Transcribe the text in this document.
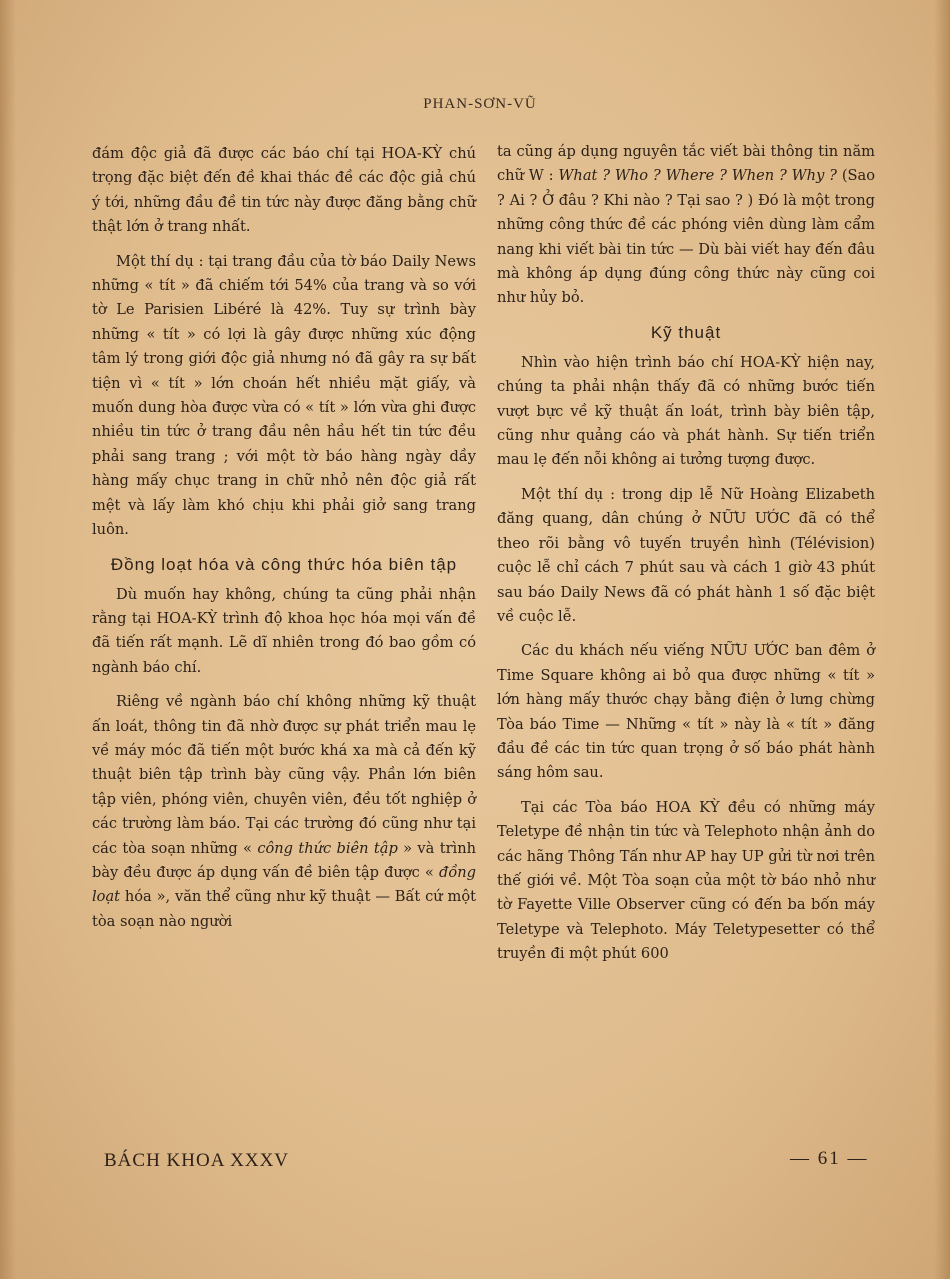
PHAN-SƠN-VŨ

đám độc giả đã được các báo chí tại HOA-KỲ chú trọng đặc biệt đến đề khai thác đề các độc giả chú ý tới, những đầu đề tin tức này được đăng bằng chữ thật lớn ở trang nhất.

Một thí dụ : tại trang đầu của tờ báo Daily News những « tít » đã chiếm tới 54% của trang và so với tờ Le Parisien Libéré là 42%. Tuy sự trình bày những « tít » có lợi là gây được những xúc động tâm lý trong giới độc giả nhưng nó đã gây ra sự bất tiện vì « tít » lớn choán hết nhiều mặt giấy, và muốn dung hòa được vừa có « tít » lớn vừa ghi được nhiều tin tức ở trang đầu nên hầu hết tin tức đều phải sang trang ; với một tờ báo hàng ngày dầy hàng mấy chục trang in chữ nhỏ nên độc giả rất mệt và lấy làm khó chịu khi phải giở sang trang luôn.

Đồng loạt hóa và công thức hóa biên tập

Dù muốn hay không, chúng ta cũng phải nhận rằng tại HOA-KỲ trình độ khoa học hóa mọi vấn đề đã tiến rất mạnh. Lẽ dĩ nhiên trong đó bao gồm có ngành báo chí.

Riêng về ngành báo chí không những kỹ thuật ấn loát, thông tin đã nhờ được sự phát triển mau lẹ về máy móc đã tiến một bước khá xa mà cả đến kỹ thuật biên tập trình bày cũng vậy. Phần lớn biên tập viên, phóng viên, chuyên viên, đều tốt nghiệp ở các trường làm báo. Tại các trường đó cũng như tại các tòa soạn những « công thức biên tập » và trình bày đều được áp dụng vấn đề biên tập được « đồng loạt hóa », văn thể cũng như kỹ thuật — Bất cứ một tòa soạn nào người

ta cũng áp dụng nguyên tắc viết bài thông tin năm chữ W : What ? Who ? Where ? When ? Why ? (Sao ? Ai ? Ở đâu ? Khi nào ? Tại sao ? ) Đó là một trong những công thức đề các phóng viên dùng làm cẩm nang khi viết bài tin tức — Dù bài viết hay đến đâu mà không áp dụng đúng công thức này cũng coi như hủy bỏ.

Kỹ thuật

Nhìn vào hiện trình báo chí HOA-KỲ hiện nay, chúng ta phải nhận thấy đã có những bước tiến vượt bực về kỹ thuật ấn loát, trình bày biên tập, cũng như quảng cáo và phát hành. Sự tiến triển mau lẹ đến nỗi không ai tưởng tượng được.

Một thí dụ : trong dịp lễ Nữ Hoàng Elizabeth đăng quang, dân chúng ở NỮU ƯỚC đã có thể theo rõi bằng vô tuyến truyền hình (Télévision) cuộc lễ chỉ cách 7 phút sau và cách 1 giờ 43 phút sau báo Daily News đã có phát hành 1 số đặc biệt về cuộc lễ.

Các du khách nếu viếng NỮU ƯỚC ban đêm ở Time Square không ai bỏ qua được những « tít » lớn hàng mấy thước chạy bằng điện ở lưng chừng Tòa báo Time — Những « tít » này là « tít » đăng đầu đề các tin tức quan trọng ở số báo phát hành sáng hôm sau.

Tại các Tòa báo HOA KỲ đều có những máy Teletype đề nhận tin tức và Telephoto nhận ảnh do các hãng Thông Tấn như AP hay UP gửi từ nơi trên thế giới về. Một Tòa soạn của một tờ báo nhỏ như tờ Fayette Ville Observer cũng có đến ba bốn máy Teletype và Telephoto. Máy Teletypesetter có thể truyền đi một phút 600

BÁCH KHOA XXXV	— 61 —
